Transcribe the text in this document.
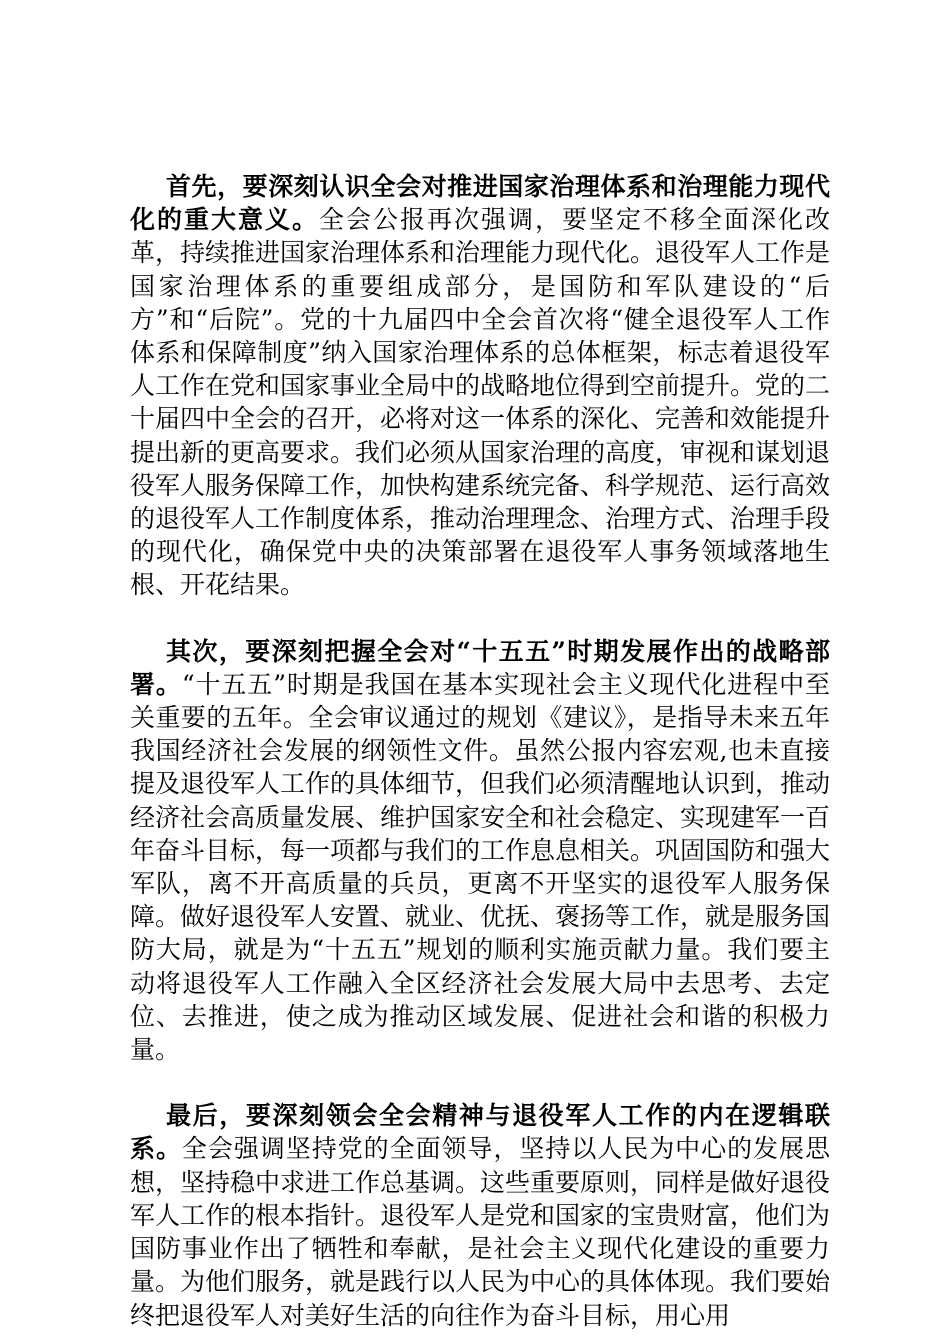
首先，要深刻认识全会对推进国家治理体系和治理能力现代化的重大意义。全会公报再次强调，要坚定不移全面深化改革，持续推进国家治理体系和治理能力现代化。退役军人工作是国家治理体系的重要组成部分，是国防和军队建设的“后方”和“后院”。党的十九届四中全会首次将“健全退役军人工作体系和保障制度”纳入国家治理体系的总体框架，标志着退役军人工作在党和国家事业全局中的战略地位得到空前提升。党的二十届四中全会的召开，必将对这一体系的深化、完善和效能提升提出新的更高要求。我们必须从国家治理的高度，审视和谋划退役军人服务保障工作，加快构建系统完备、科学规范、运行高效的退役军人工作制度体系，推动治理理念、治理方式、治理手段的现代化，确保党中央的决策部署在退役军人事务领域落地生根、开花结果。

其次，要深刻把握全会对“十五五”时期发展作出的战略部署。“十五五”时期是我国在基本实现社会主义现代化进程中至关重要的五年。全会审议通过的规划《建议》，是指导未来五年我国经济社会发展的纲领性文件。虽然公报内容宏观,也未直接提及退役军人工作的具体细节，但我们必须清醒地认识到，推动经济社会高质量发展、维护国家安全和社会稳定、实现建军一百年奋斗目标，每一项都与我们的工作息息相关。巩固国防和强大军队，离不开高质量的兵员，更离不开坚实的退役军人服务保障。做好退役军人安置、就业、优抚、褒扬等工作，就是服务国防大局，就是为“十五五”规划的顺利实施贡献力量。我们要主动将退役军人工作融入全区经济社会发展大局中去思考、去定位、去推进，使之成为推动区域发展、促进社会和谐的积极力量。

最后，要深刻领会全会精神与退役军人工作的内在逻辑联系。全会强调坚持党的全面领导，坚持以人民为中心的发展思想，坚持稳中求进工作总基调。这些重要原则，同样是做好退役军人工作的根本指针。退役军人是党和国家的宝贵财富，他们为国防事业作出了牺牲和奉献，是社会主义现代化建设的重要力量。为他们服务，就是践行以人民为中心的具体体现。我们要始终把退役军人对美好生活的向往作为奋斗目标，用心用
